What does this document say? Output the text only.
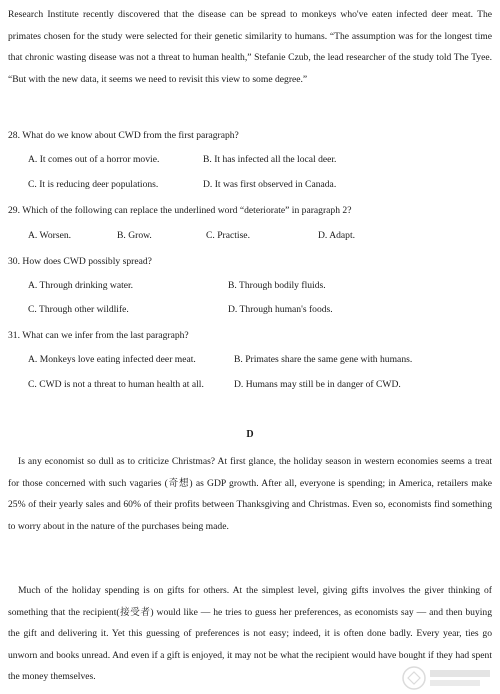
Research Institute recently discovered that the disease can be spread to monkeys who've eaten infected deer meat. The primates chosen for the study were selected for their genetic similarity to humans. “The assumption was for the longest time that chronic wasting disease was not a threat to human health,” Stefanie Czub, the lead researcher of the study told The Tyee. “But with the new data, it seems we need to revisit this view to some degree.”

28. What do we know about CWD from the first paragraph?
A. It comes out of a horror movie.	B. It has infected all the local deer.
C. It is reducing deer populations.	D. It was first observed in Canada.
29. Which of the following can replace the underlined word “deteriorate” in paragraph 2?
A. Worsen.	B. Grow.	C. Practise.	D. Adapt.
30. How does CWD possibly spread?
A. Through drinking water.	B. Through bodily fluids.
C. Through other wildlife.	D. Through human's foods.
31. What can we infer from the last paragraph?
A. Monkeys love eating infected deer meat.	B. Primates share the same gene with humans.
C. CWD is not a threat to human health at all.	D. Humans may still be in danger of CWD.
D

Is any economist so dull as to criticize Christmas? At first glance, the holiday season in western economies seems a treat for those concerned with such vagaries (奇想) as GDP growth. After all, everyone is spending; in America, retailers make 25% of their yearly sales and 60% of their profits between Thanksgiving and Christmas. Even so, economists find something to worry about in the nature of the purchases being made.

Much of the holiday spending is on gifts for others. At the simplest level, giving gifts involves the giver thinking of something that the recipient(接受者) would like — he tries to guess her preferences, as economists say — and then buying the gift and delivering it. Yet this guessing of preferences is not easy; indeed, it is often done badly. Every year, ties go unworn and books unread. And even if a gift is enjoyed, it may not be what the recipient would have bought if they had spent the money themselves.
